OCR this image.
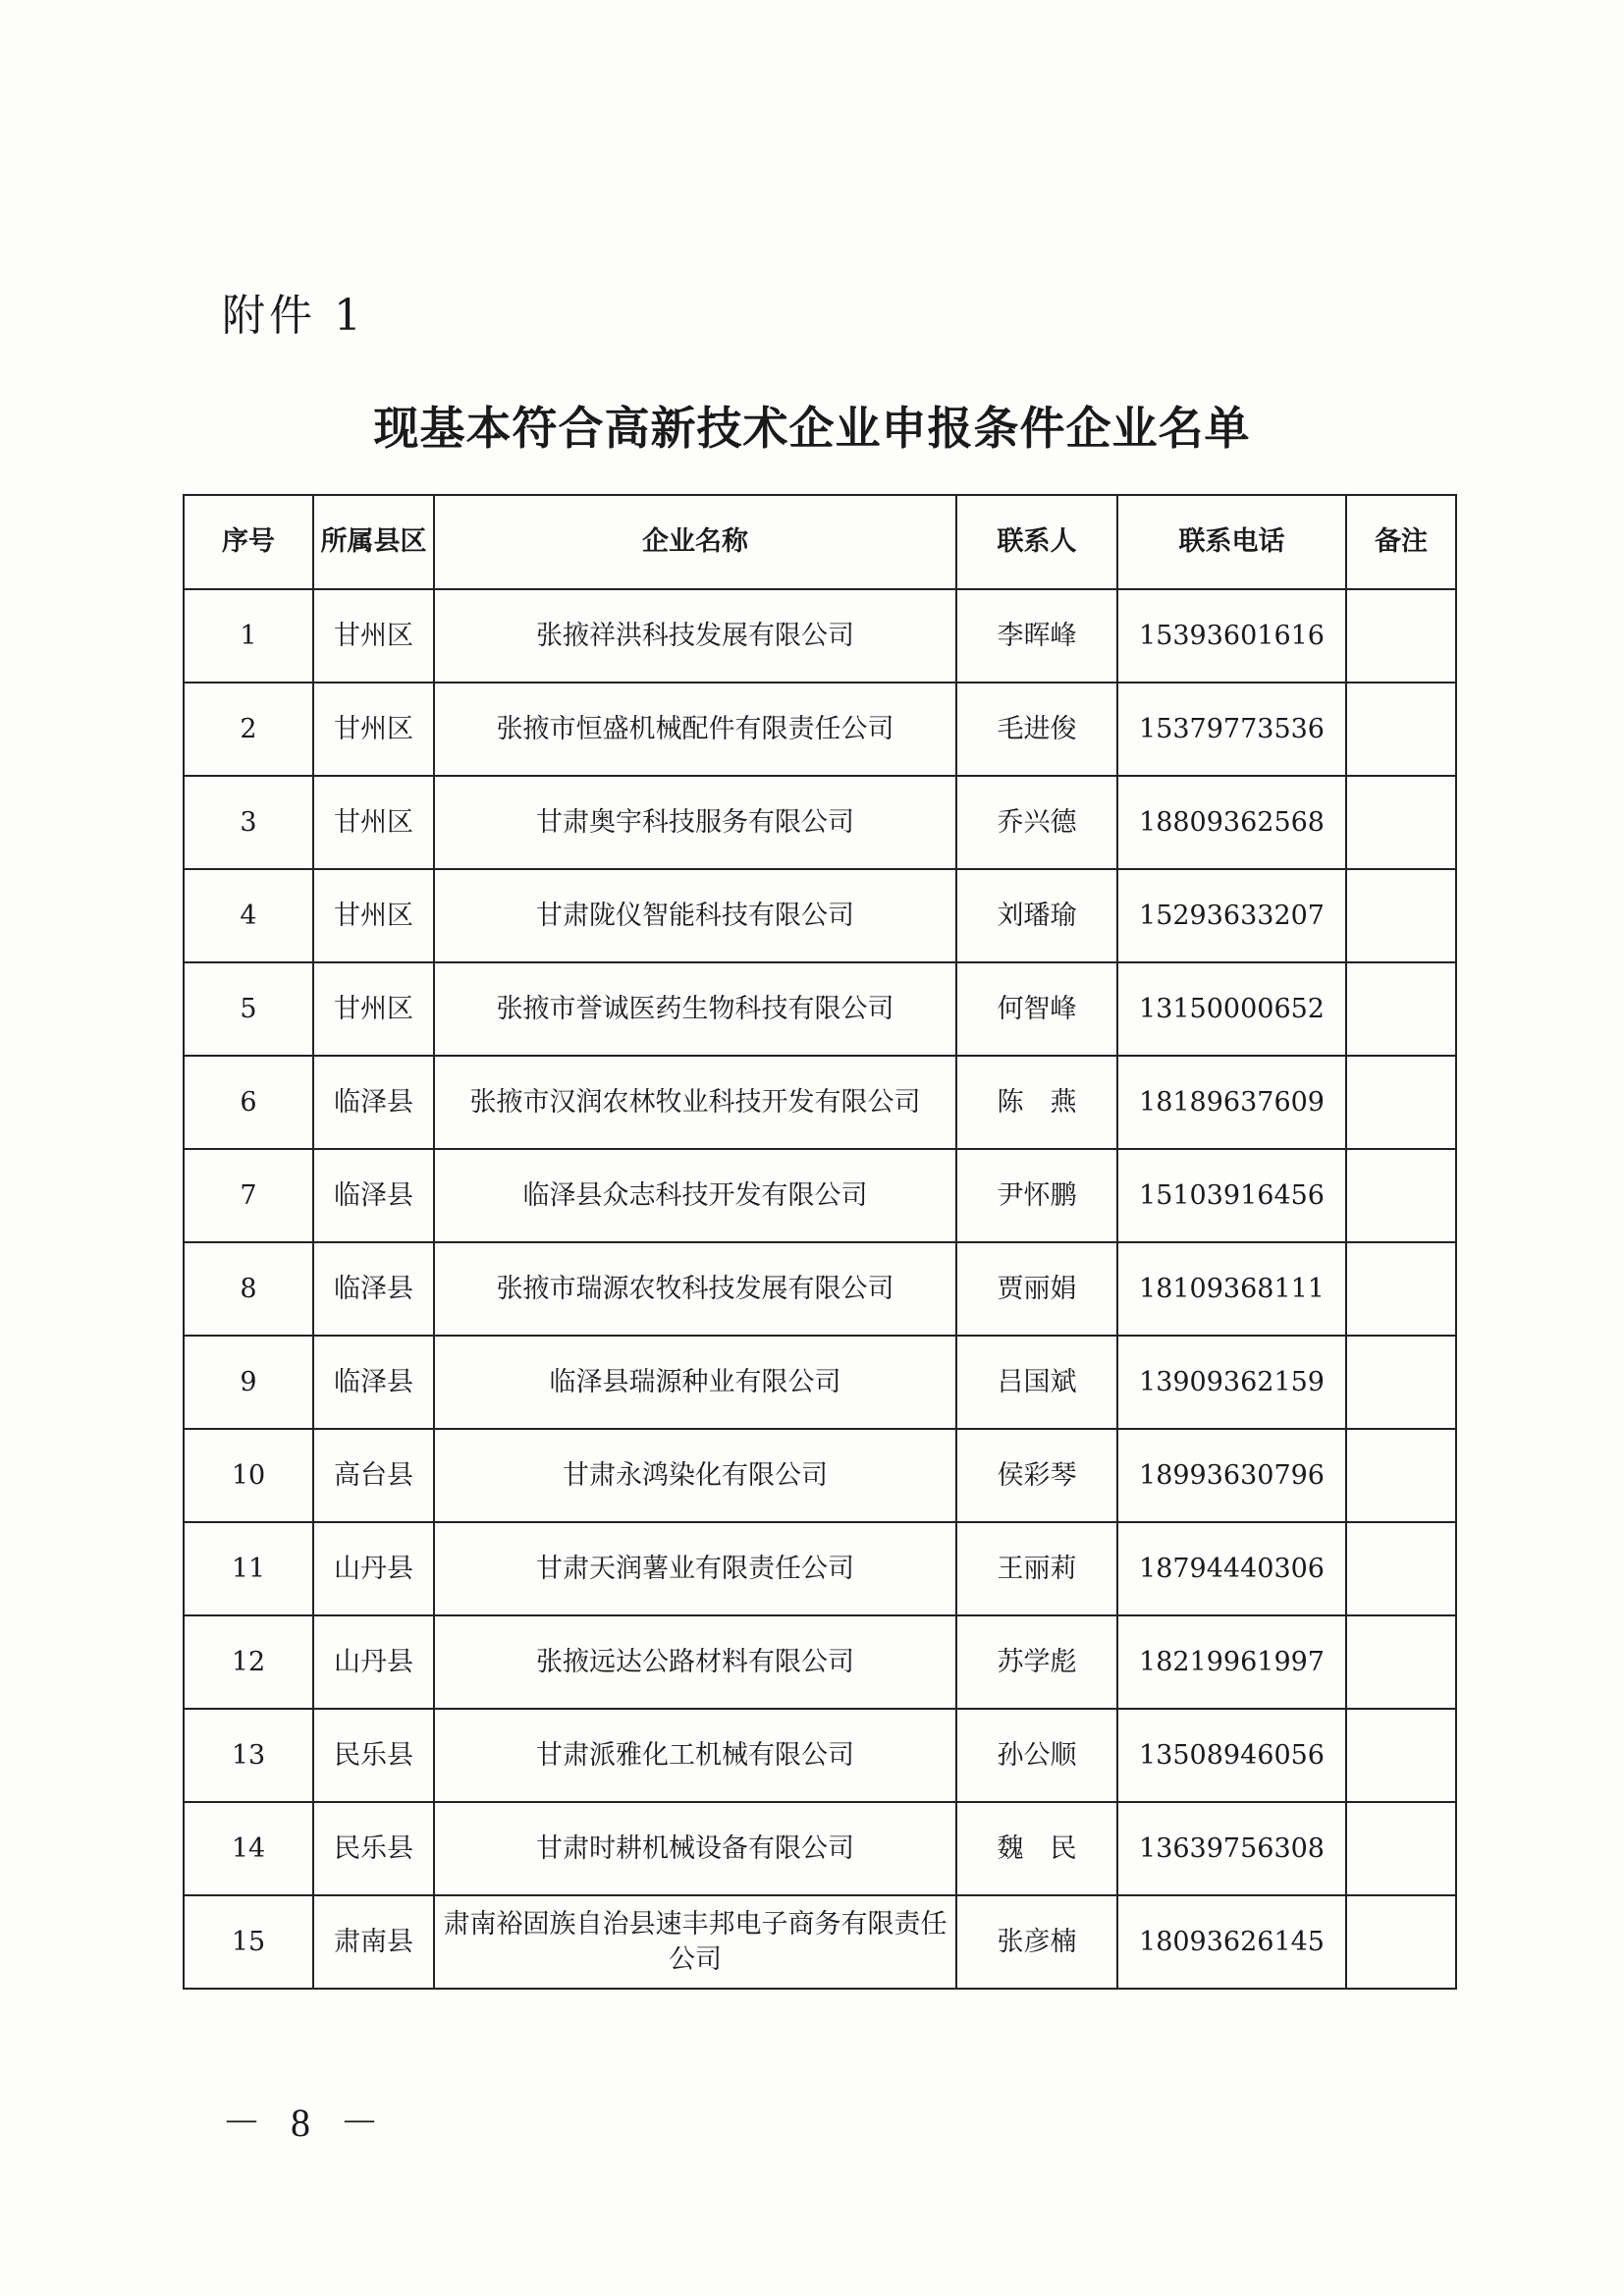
附件 1
现基本符合高新技术企业申报条件企业名单
序号	所属县区	企业名称	联系人	联系电话	备注
1	甘州区	张掖祥洪科技发展有限公司	李晖峰	15393601616	
2	甘州区	张掖市恒盛机械配件有限责任公司	毛进俊	15379773536	
3	甘州区	甘肃奥宇科技服务有限公司	乔兴德	18809362568	
4	甘州区	甘肃陇仪智能科技有限公司	刘璠瑜	15293633207	
5	甘州区	张掖市誉诚医药生物科技有限公司	何智峰	13150000652	
6	临泽县	张掖市汉润农林牧业科技开发有限公司	陈　燕	18189637609	
7	临泽县	临泽县众志科技开发有限公司	尹怀鹏	15103916456	
8	临泽县	张掖市瑞源农牧科技发展有限公司	贾丽娟	18109368111	
9	临泽县	临泽县瑞源种业有限公司	吕国斌	13909362159	
10	高台县	甘肃永鸿染化有限公司	侯彩琴	18993630796	
11	山丹县	甘肃天润薯业有限责任公司	王丽莉	18794440306	
12	山丹县	张掖远达公路材料有限公司	苏学彪	18219961997	
13	民乐县	甘肃派雅化工机械有限公司	孙公顺	13508946056	
14	民乐县	甘肃时耕机械设备有限公司	魏　民	13639756308	
15	肃南县	肃南裕固族自治县速丰邦电子商务有限责任公司	张彦楠	18093626145	
－ 8 －
